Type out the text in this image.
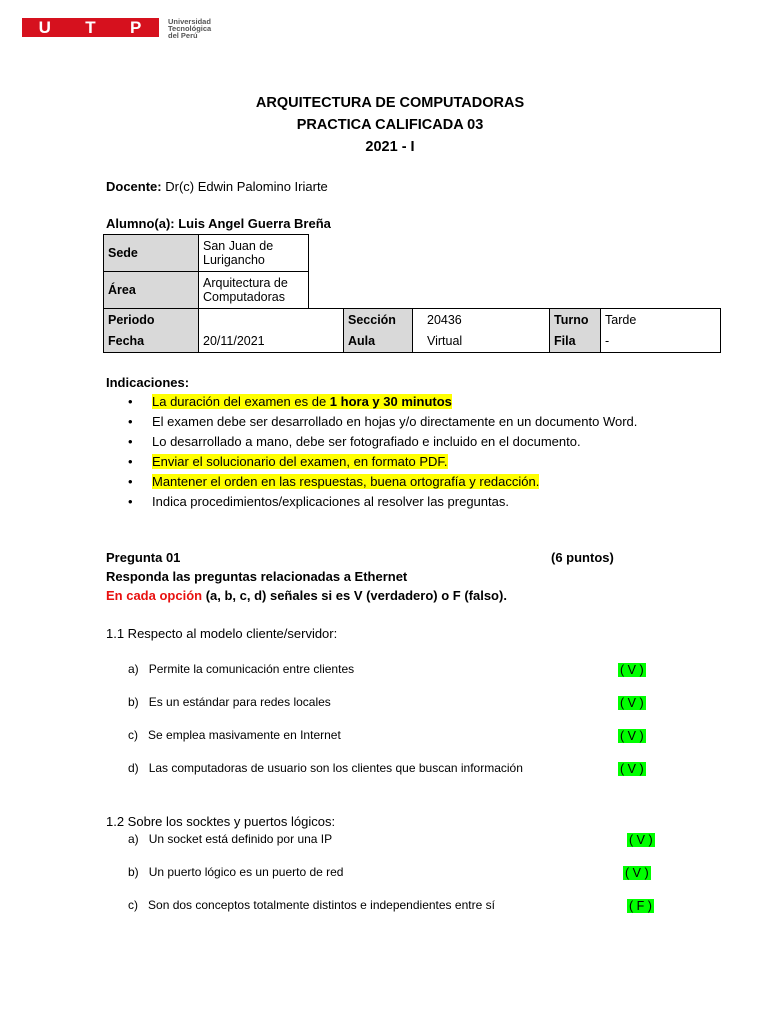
U T P	Universidad
Tecnológica
del Perú
ARQUITECTURA DE COMPUTADORAS
PRACTICA CALIFICADA 03
2021 - I
Docente: Dr(c) Edwin Palomino Iriarte
Alumno(a): Luis Angel Guerra Breña
Sede	San Juan de
Lurigancho

Área	Arquitectura de
Computadoras
Periodo		Sección	20436	Turno	Tarde
Fecha	20/11/2021	Aula	Virtual	Fila	-
Indicaciones:
• La duración del examen es de 1 hora y 30 minutos
• El examen debe ser desarrollado en hojas y/o directamente en un documento Word.
• Lo desarrollado a mano, debe ser fotografiado e incluido en el documento.
• Enviar el solucionario del examen, en formato PDF.
• Mantener el orden en las respuestas, buena ortografía y redacción.
• Indica procedimientos/explicaciones al resolver las preguntas.
Pregunta 01	(6 puntos)
Responda las preguntas relacionadas a Ethernet
En cada opción (a, b, c, d) señales si es V (verdadero) o F (falso).
1.1 Respecto al modelo cliente/servidor:
a) Permite la comunicación entre clientes	( V )
b) Es un estándar para redes locales	( V )
c) Se emplea masivamente en Internet	( V )
d) Las computadoras de usuario son los clientes que buscan información	( V )
1.2 Sobre los socktes y puertos lógicos:
a) Un socket está definido por una IP	( V )
b) Un puerto lógico es un puerto de red	( V )
c) Son dos conceptos totalmente distintos e independientes entre sí	( F )
